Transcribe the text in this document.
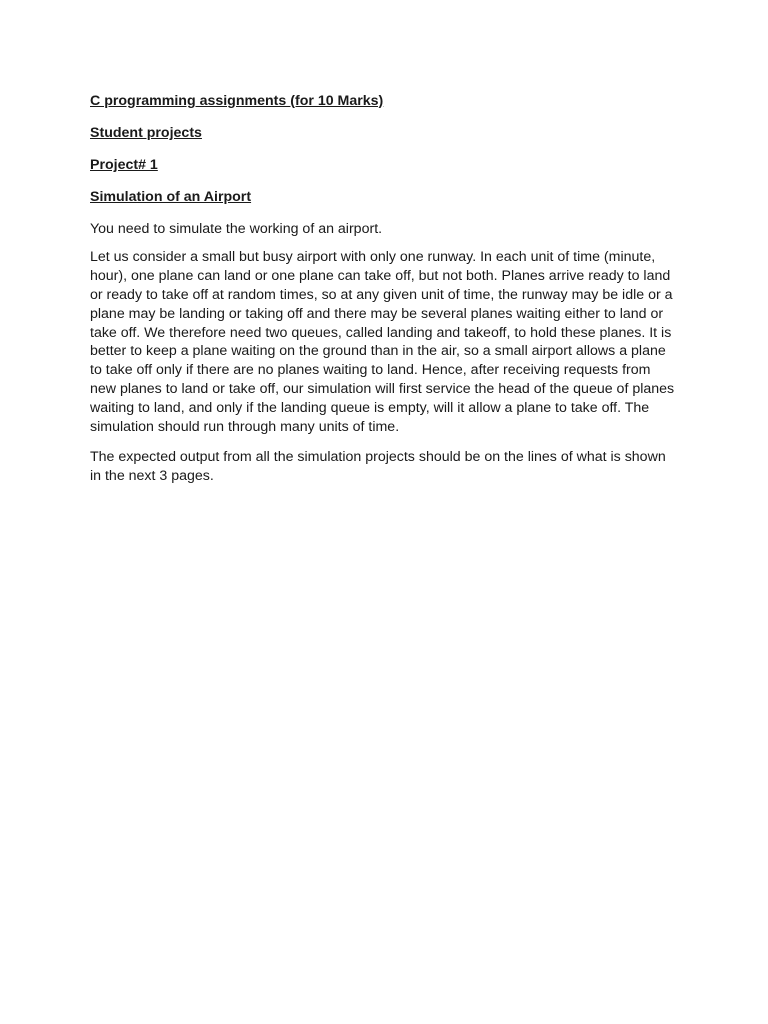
C programming assignments (for 10 Marks)
Student projects
Project# 1
Simulation of an Airport

You need to simulate the working of an airport.

Let us consider a small but busy airport with only one runway. In each unit of time (minute, hour), one plane can land or one plane can take off, but not both. Planes arrive ready to land or ready to take off at random times, so at any given unit of time, the runway may be idle or a plane may be landing or taking off and there may be several planes waiting either to land or take off. We therefore need two queues, called landing and takeoff, to hold these planes. It is better to keep a plane waiting on the ground than in the air, so a small airport allows a plane to take off only if there are no planes waiting to land. Hence, after receiving requests from new planes to land or take off, our simulation will first service the head of the queue of planes waiting to land, and only if the landing queue is empty, will it allow a plane to take off. The simulation should run through many units of time.

The expected output from all the simulation projects should be on the lines of what is shown in the next 3 pages.
